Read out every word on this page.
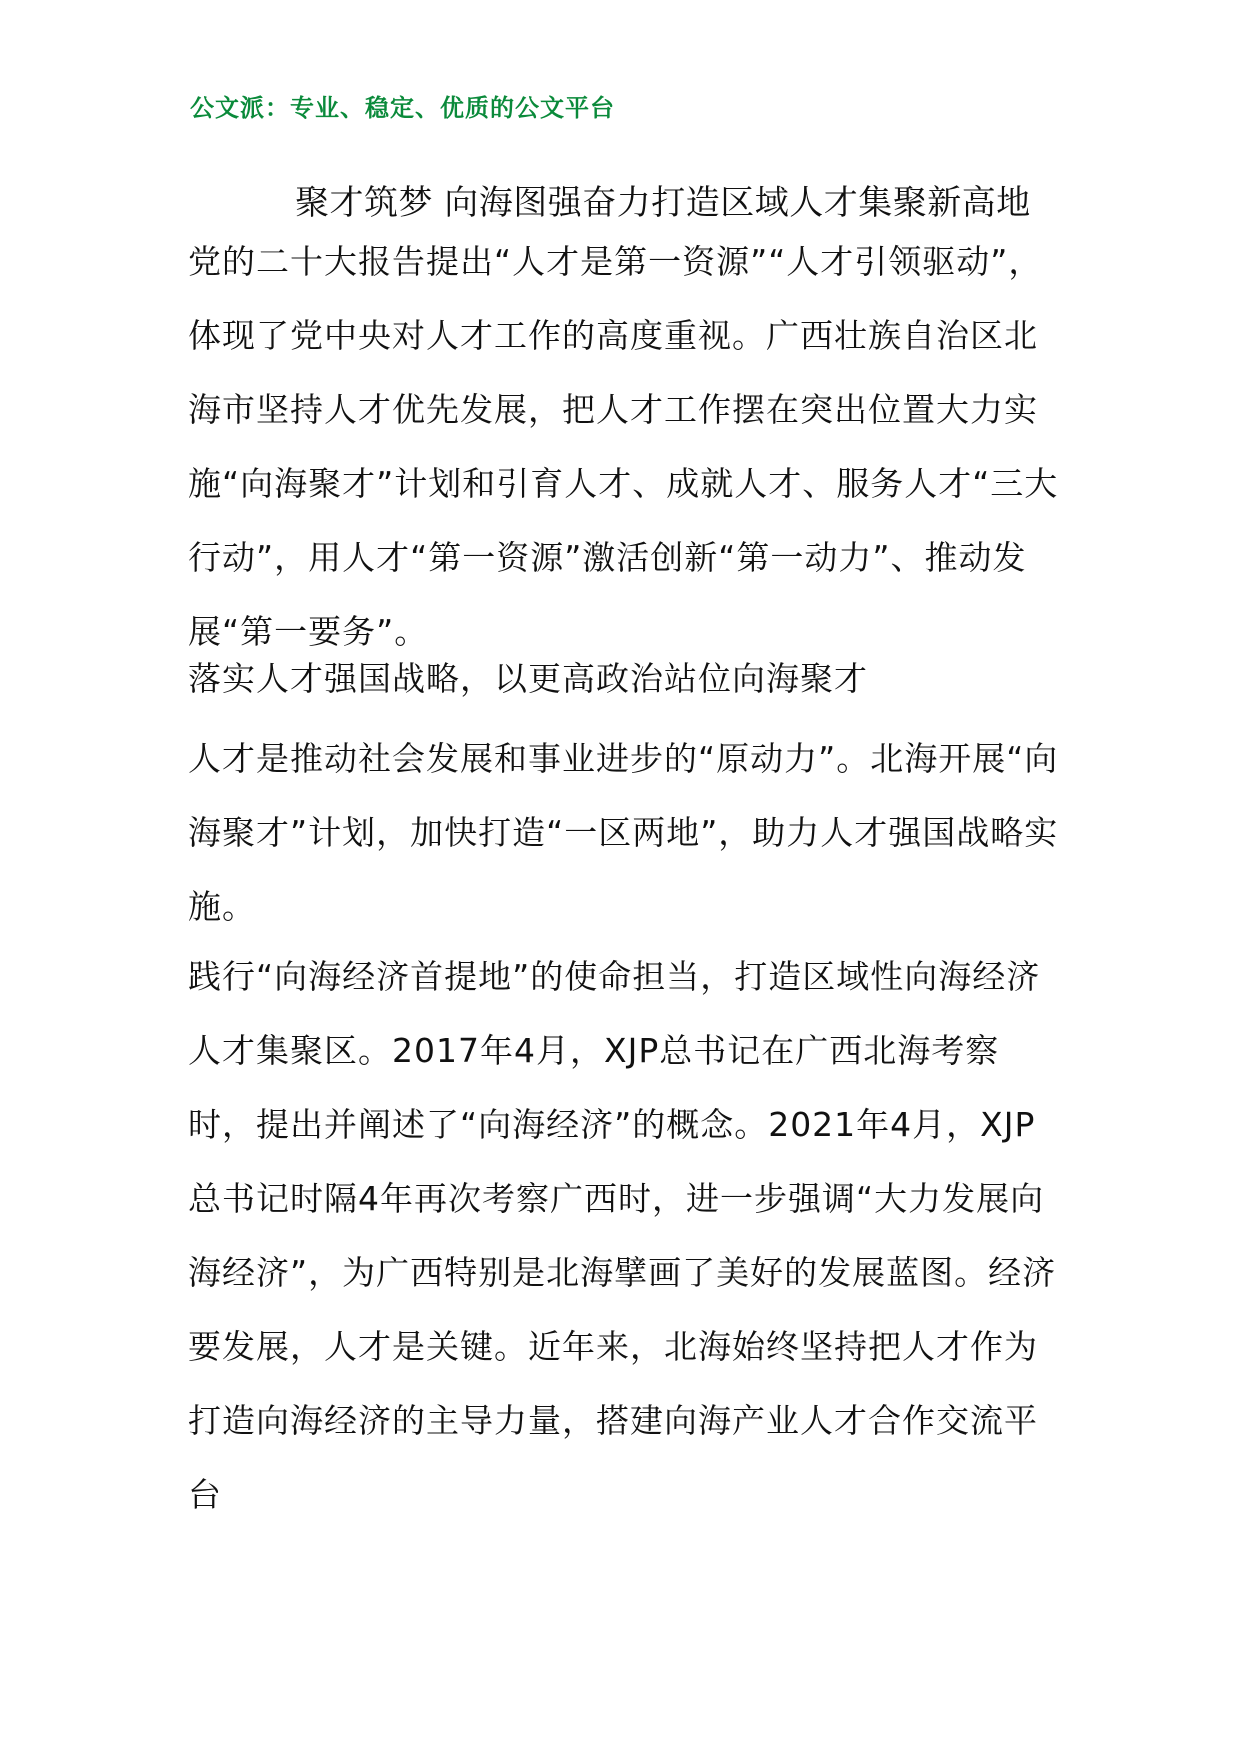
公文派：专业、稳定、优质的公文平台
聚才筑梦 向海图强奋力打造区域人才集聚新高地
党的二十大报告提出“人才是第一资源”“人才引领驱动”，体现了党中央对人才工作的高度重视。广西壮族自治区北海市坚持人才优先发展，把人才工作摆在突出位置大力实施“向海聚才”计划和引育人才、成就人才、服务人才“三大行动”，用人才“第一资源”激活创新“第一动力”、推动发展“第一要务”。
落实人才强国战略，以更高政治站位向海聚才
人才是推动社会发展和事业进步的“原动力”。北海开展“向海聚才”计划，加快打造“一区两地”，助力人才强国战略实施。
践行“向海经济首提地”的使命担当，打造区域性向海经济人才集聚区。2017年4月，XJP总书记在广西北海考察时，提出并阐述了“向海经济”的概念。2021年4月，XJP总书记时隔4年再次考察广西时，进一步强调“大力发展向海经济”，为广西特别是北海擘画了美好的发展蓝图。经济要发展，人才是关键。近年来，北海始终坚持把人才作为打造向海经济的主导力量，搭建向海产业人才合作交流平台
